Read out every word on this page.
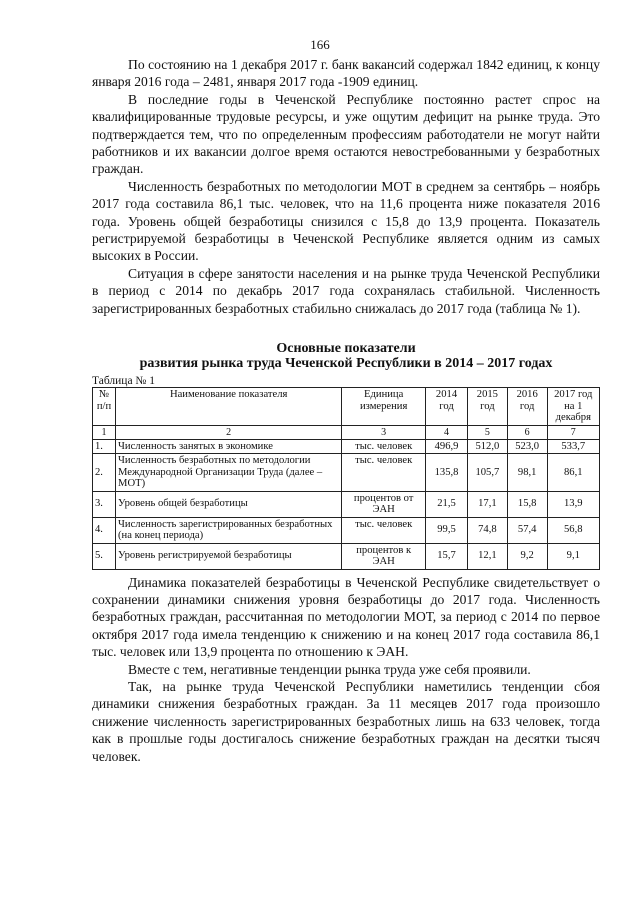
166

По состоянию на 1 декабря 2017 г. банк вакансий содержал 1842 единиц, к концу января 2016 года – 2481, января 2017 года -1909 единиц.

В последние годы в Чеченской Республике постоянно растет спрос на квалифицированные трудовые ресурсы, и уже ощутим дефицит на рынке труда. Это подтверждается тем, что по определенным профессиям работодатели не могут найти работников и их вакансии долгое время остаются невостребованными у безработных граждан.

Численность безработных по методологии МОТ в среднем за сентябрь – ноябрь 2017 года составила 86,1 тыс. человек, что на 11,6 процента ниже показателя 2016 года. Уровень общей безработицы снизился с 15,8 до 13,9 процента. Показатель регистрируемой безработицы в Чеченской Республике является одним из самых высоких в России.

Ситуация в сфере занятости населения и на рынке труда Чеченской Республики в период с 2014 по декабрь 2017 года сохранялась стабильной. Численность зарегистрированных безработных стабильно снижалась до 2017 года (таблица № 1).

Основные показатели
развития рынка труда Чеченской Республики в 2014 – 2017 годах

Таблица № 1

№ п/п	Наименование показателя	Единица измерения	2014 год	2015 год	2016 год	2017 год на 1 декабря
1	2	3	4	5	6	7
1.	Численность занятых в экономике	тыс. человек	496,9	512,0	523,0	533,7
2.	Численность безработных по методологии Международной Организации Труда (далее –МОТ)	тыс. человек	135,8	105,7	98,1	86,1
3.	Уровень общей безработицы	процентов от ЭАН	21,5	17,1	15,8	13,9
4.	Численность зарегистрированных безработных (на конец периода)	тыс. человек	99,5	74,8	57,4	56,8
5.	Уровень регистрируемой безработицы	процентов к ЭАН	15,7	12,1	9,2	9,1

Динамика показателей безработицы в Чеченской Республике свидетельствует о сохранении динамики снижения уровня безработицы до 2017 года. Численность безработных граждан, рассчитанная по методологии МОТ, за период с 2014 по первое октября 2017 года имела тенденцию к снижению и на конец 2017 года составила 86,1 тыс. человек или 13,9 процента по отношению к ЭАН.

Вместе с тем, негативные тенденции рынка труда уже себя проявили.

Так, на рынке труда Чеченской Республики наметились тенденции сбоя динамики снижения безработных граждан. За 11 месяцев 2017 года произошло снижение численность зарегистрированных безработных лишь на 633 человек, тогда как в прошлые годы достигалось снижение безработных граждан на десятки тысяч человек.
